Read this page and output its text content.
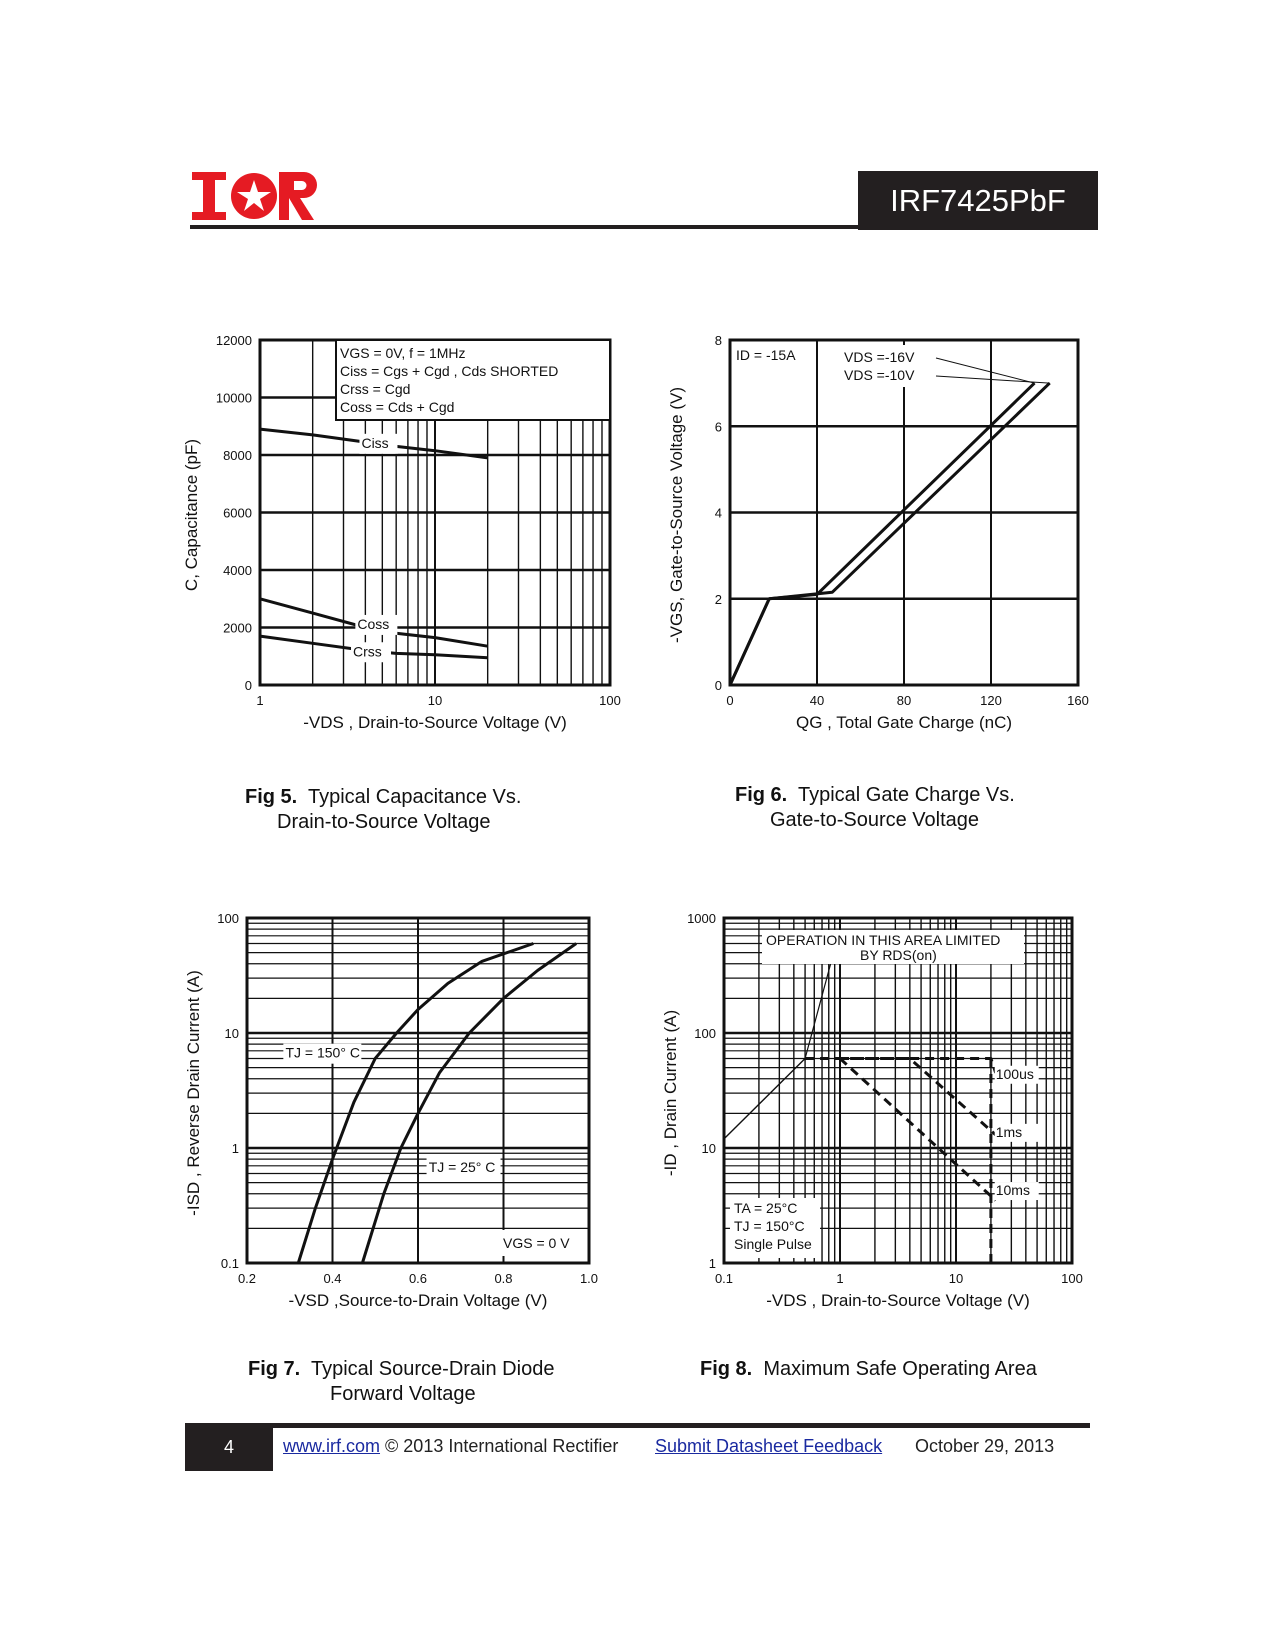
IRF7425PbF
Ciss
Coss
Crss
1	10	100
0
2000
4000
6000
8000
10000
12000
VGS = 0V, f = 1MHz
Ciss = Cgs + Cgd , Cds SHORTED
Crss = Cgd
Coss = Cds + Cgd
-VDS , Drain-to-Source Voltage (V)
C, Capacitance (pF)
Fig 5. Typical Capacitance Vs.
Drain-to-Source Voltage
VDS =-16V
VDS =-10V
0	40	80	120	160
0
2
4
6
8
ID = -15A
QG , Total Gate Charge (nC)
-VGS, Gate-to-Source Voltage (V)
Fig 6. Typical Gate Charge Vs.
Gate-to-Source Voltage
TJ = 150° C
TJ = 25° C
0.2	0.4	0.6	0.8	1.0
0.1
1
10
100
VGS = 0 V
-VSD ,Source-to-Drain Voltage (V)
-ISD , Reverse Drain Current (A)
Fig 7. Typical Source-Drain Diode
Forward Voltage
100us
1ms
10ms
0.1	1	10	100
1
10
100
1000
OPERATION IN THIS AREA LIMITED
BY RDS(on)
TA = 25°C
TJ = 150°C
Single Pulse
-VDS , Drain-to-Source Voltage (V)
-ID , Drain Current (A)
Fig 8. Maximum Safe Operating Area
4	www.irf.com © 2013 International Rectifier Submit Datasheet Feedback October 29, 2013
